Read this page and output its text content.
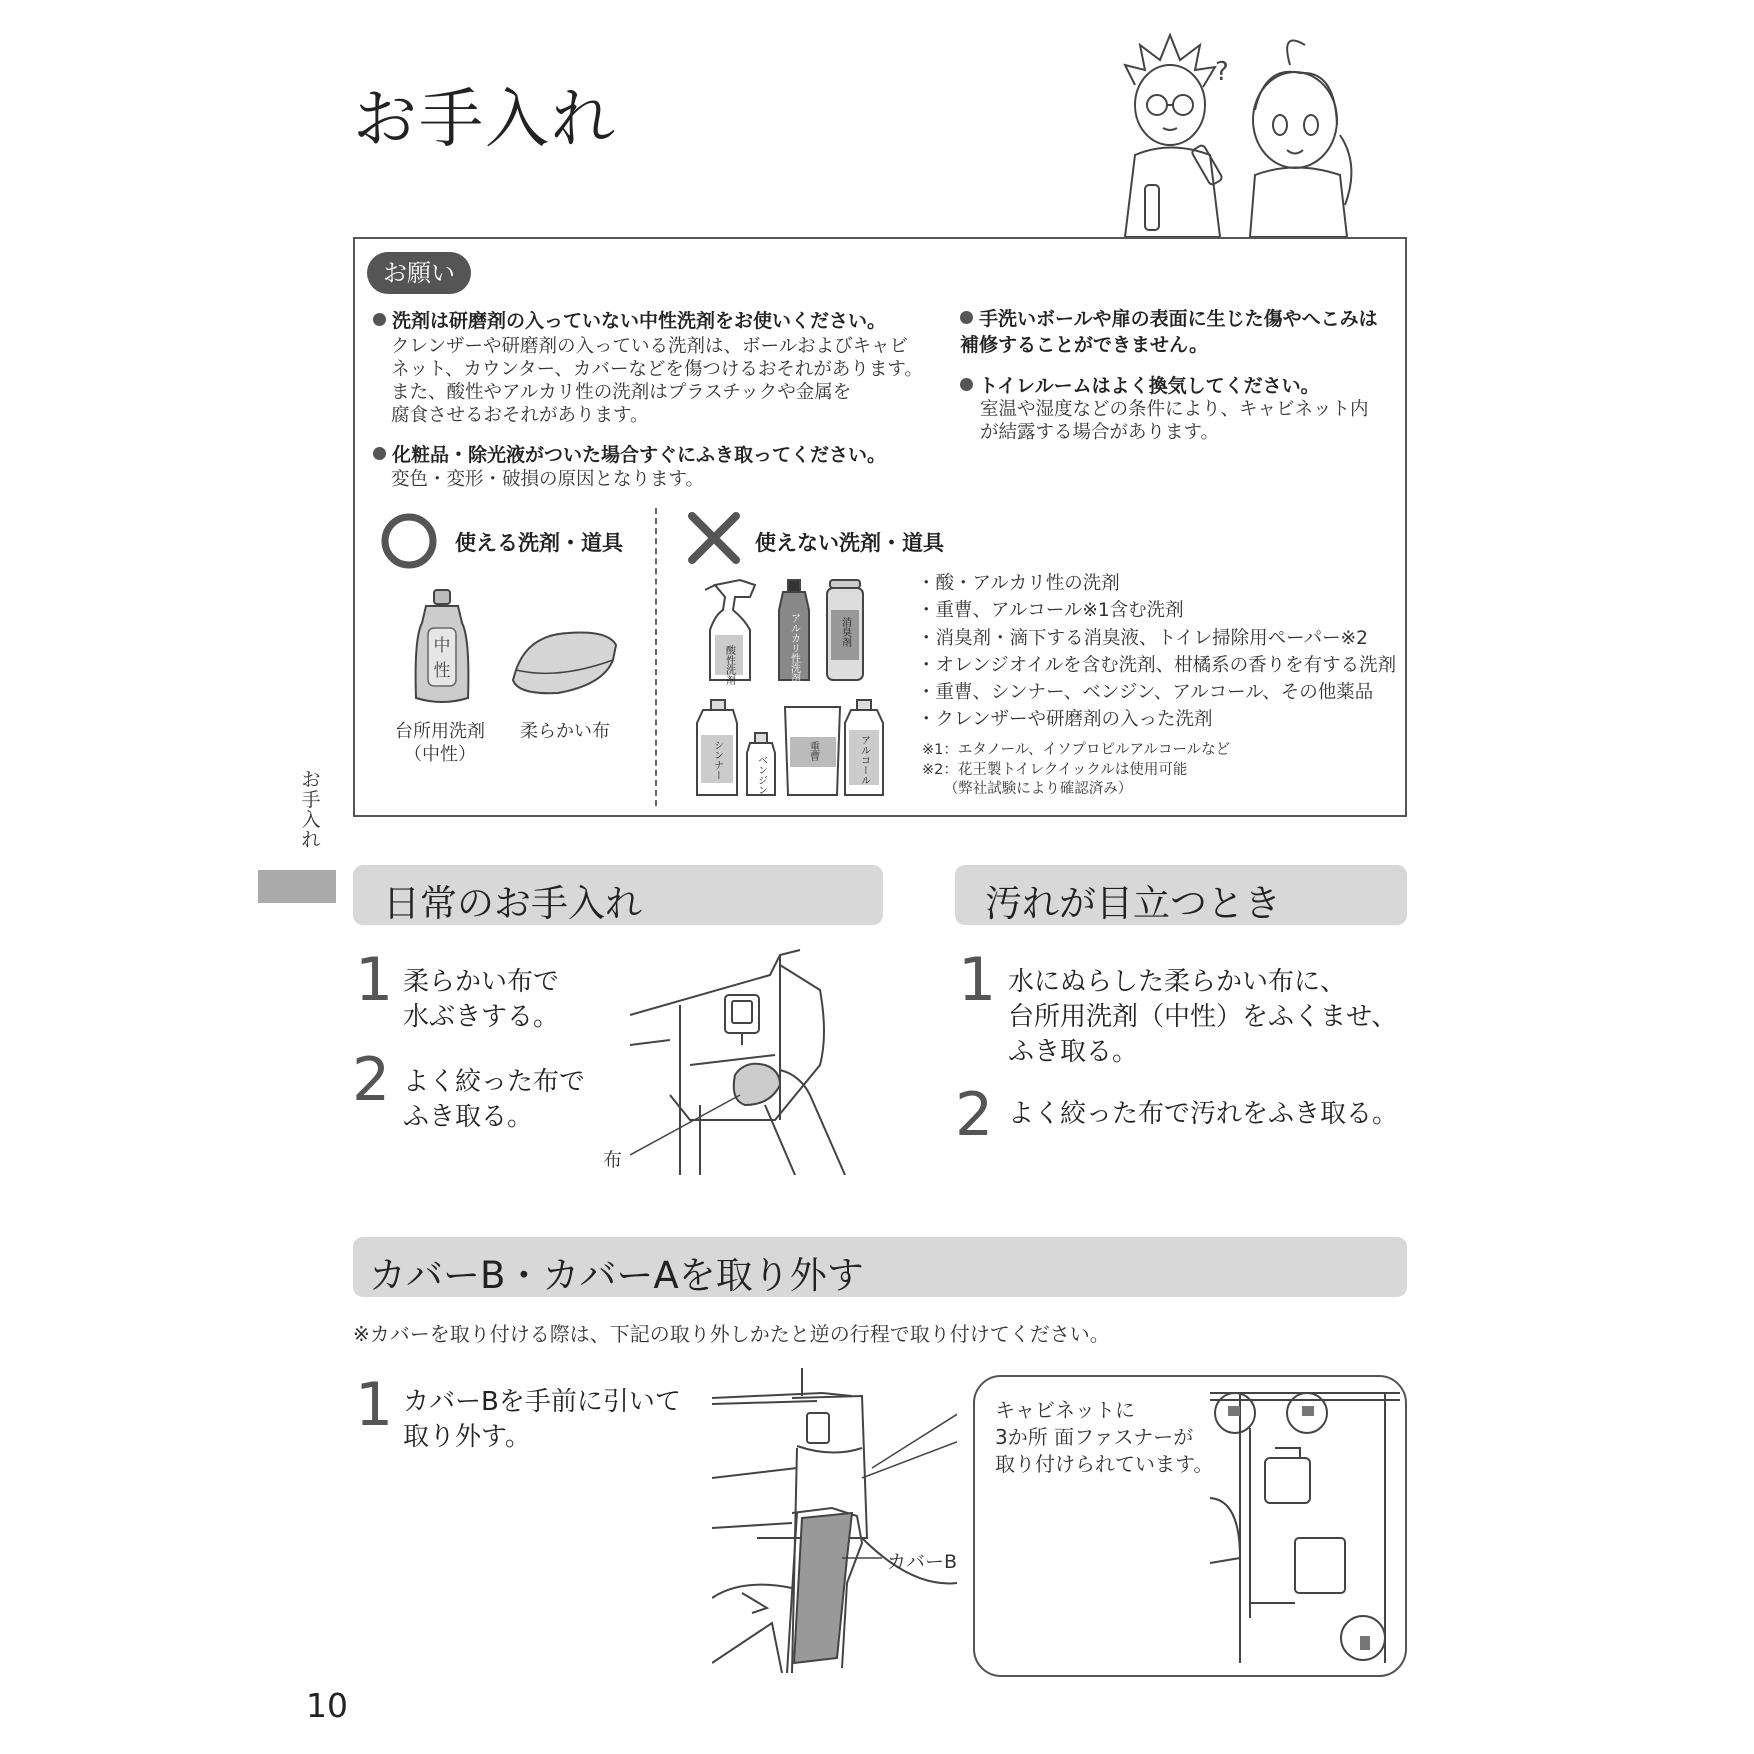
お手入れ
?
お願い
洗剤は研磨剤の入っていない中性洗剤をお使いください。
クレンザーや研磨剤の入っている洗剤は、ボールおよびキャビ
ネット、カウンター、カバーなどを傷つけるおそれがあります。
また、酸性やアルカリ性の洗剤はプラスチックや金属を
腐食させるおそれがあります。
化粧品・除光液がついた場合すぐにふき取ってください。
変色・変形・破損の原因となります。
手洗いボールや扉の表面に生じた傷やへこみは
補修することができません。
トイレルームはよく換気してください。
室温や湿度などの条件により、キャビネット内
が結露する場合があります。
使える洗剤・道具
中
性
台所用洗剤
（中性）
柔らかい布
使えない洗剤・道具
酸性洗剤	アルカリ性洗剤	消臭剤
シンナー	ベンジン
重曹	アルコール
・酸・アルカリ性の洗剤
・重曹、アルコール※1含む洗剤
・消臭剤・滴下する消臭液、トイレ掃除用ペーパー※2
・オレンジオイルを含む洗剤、柑橘系の香りを有する洗剤
・重曹、シンナー、ベンジン、アルコール、その他薬品
・クレンザーや研磨剤の入った洗剤
※1：エタノール、イソプロピルアルコールなど
※2：花王製トイレクイックルは使用可能
　　（弊社試験により確認済み）
お
手
入
れ
日常のお手入れ
1 柔らかい布で
水ぶきする。
2 よく絞った布で
ふき取る。
布
汚れが目立つとき
1 水にぬらした柔らかい布に、
台所用洗剤（中性）をふくませ、
ふき取る。
2 よく絞った布で汚れをふき取る。
カバーB・カバーAを取り外す
※カバーを取り付ける際は、下記の取り外しかたと逆の行程で取り付けてください。
1 カバーBを手前に引いて
取り外す。
カバーB
キャビネットに
3か所 面ファスナーが
取り付けられています。
10
